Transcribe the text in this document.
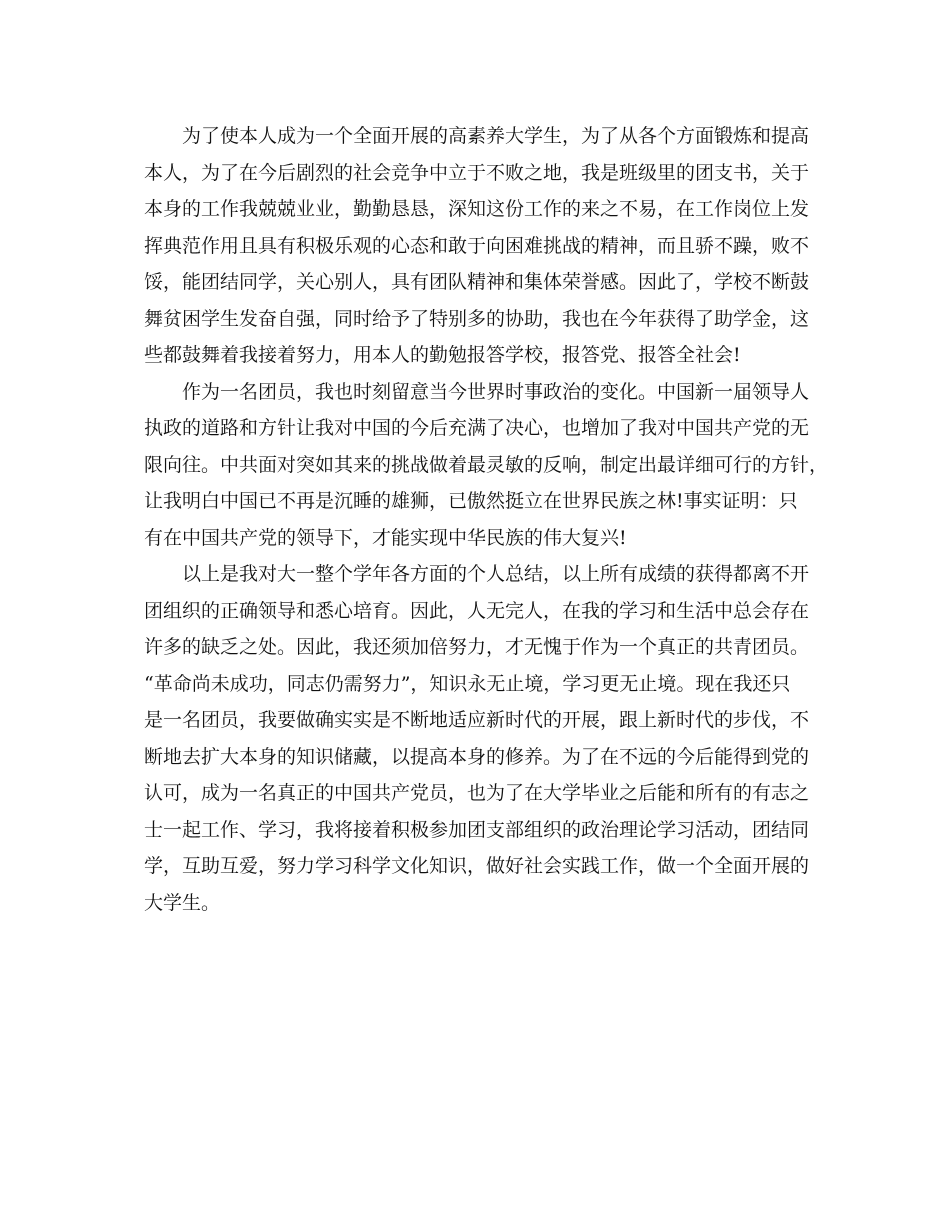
为了使本人成为一个全面开展的高素养大学生，为了从各个方面锻炼和提高
本人，为了在今后剧烈的社会竞争中立于不败之地，我是班级里的团支书，关于
本身的工作我兢兢业业，勤勤恳恳，深知这份工作的来之不易，在工作岗位上发
挥典范作用且具有积极乐观的心态和敢于向困难挑战的精神，而且骄不躁，败不
馁，能团结同学，关心别人，具有团队精神和集体荣誉感。因此了，学校不断鼓
舞贫困学生发奋自强，同时给予了特别多的协助，我也在今年获得了助学金，这
些都鼓舞着我接着努力，用本人的勤勉报答学校，报答党、报答全社会!
作为一名团员，我也时刻留意当今世界时事政治的变化。中国新一届领导人
执政的道路和方针让我对中国的今后充满了决心，也增加了我对中国共产党的无
限向往。中共面对突如其来的挑战做着最灵敏的反响，制定出最详细可行的方针，
让我明白中国已不再是沉睡的雄狮，已傲然挺立在世界民族之林!事实证明：只
有在中国共产党的领导下，才能实现中华民族的伟大复兴!
以上是我对大一整个学年各方面的个人总结，以上所有成绩的获得都离不开
团组织的正确领导和悉心培育。因此，人无完人，在我的学习和生活中总会存在
许多的缺乏之处。因此，我还须加倍努力，才无愧于作为一个真正的共青团员。
“革命尚未成功，同志仍需努力”，知识永无止境，学习更无止境。现在我还只
是一名团员，我要做确实实是不断地适应新时代的开展，跟上新时代的步伐，不
断地去扩大本身的知识储藏，以提高本身的修养。为了在不远的今后能得到党的
认可，成为一名真正的中国共产党员，也为了在大学毕业之后能和所有的有志之
士一起工作、学习，我将接着积极参加团支部组织的政治理论学习活动，团结同
学，互助互爱，努力学习科学文化知识，做好社会实践工作，做一个全面开展的
大学生。
